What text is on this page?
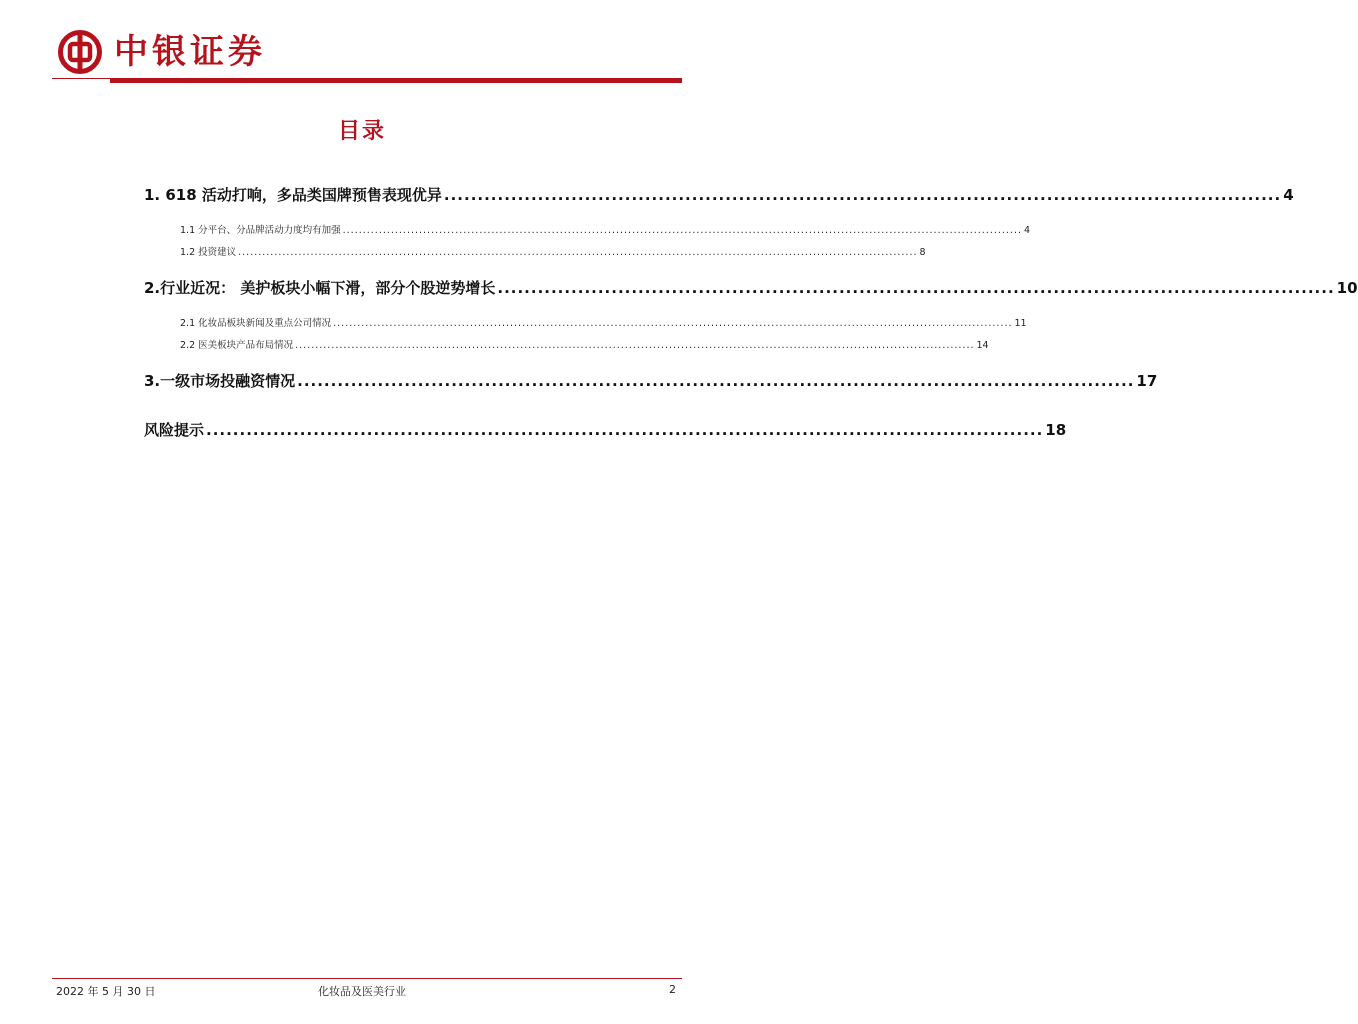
中银证券
目录
1. 618 活动打响，多品类国牌预售表现优异 ............................................................................................................................. 4
1.1 分平台、分品牌活动力度均有加强 ......................................................................................................................................................................... 4
1.2 投资建议 ......................................................................................................................................................................... 8
2.行业近况： 美护板块小幅下滑，部分个股逆势增长 ............................................................................................................................. 10
2.1 化妆品板块新闻及重点公司情况 ......................................................................................................................................................................... 11
2.2 医美板块产品布局情况 ......................................................................................................................................................................... 14
3.一级市场投融资情况 ............................................................................................................................. 17
风险提示 ............................................................................................................................. 18
2022 年 5 月 30 日	化妆品及医美行业	2
